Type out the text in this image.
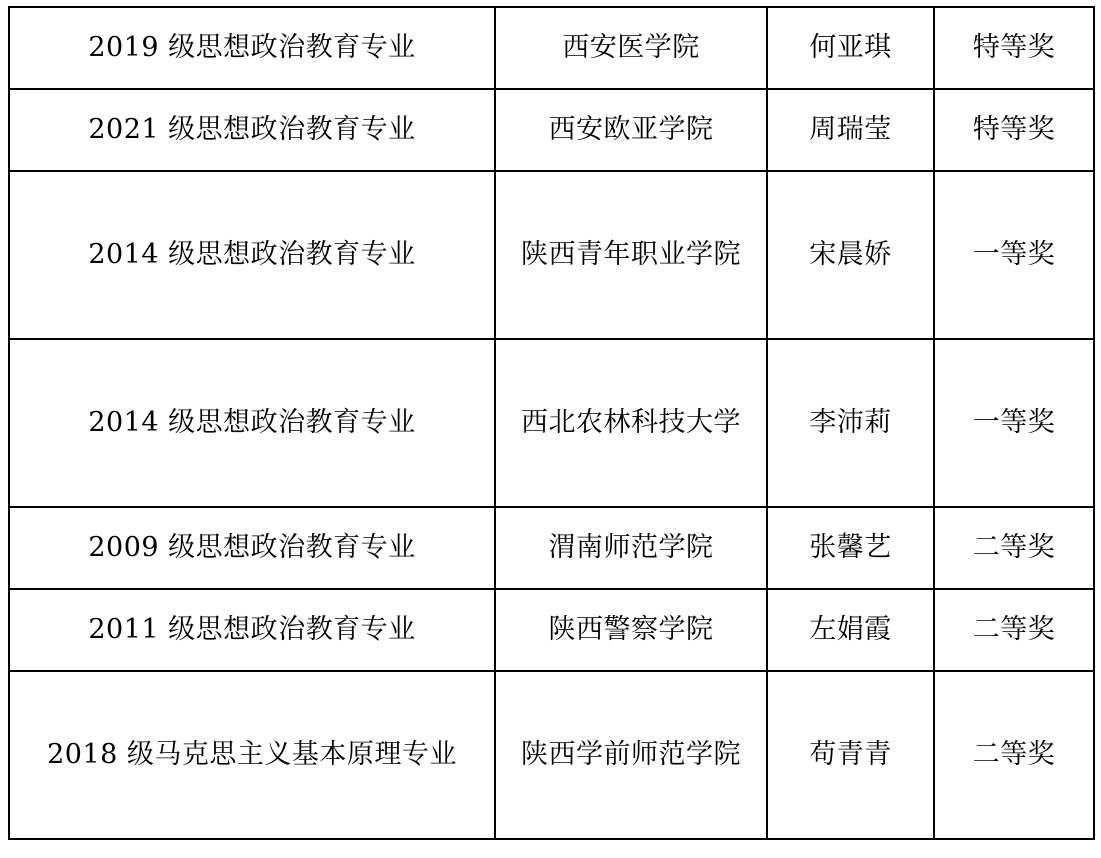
2019 级思想政治教育专业	西安医学院	何亚琪	特等奖

2021 级思想政治教育专业	西安欧亚学院	周瑞莹	特等奖

2014 级思想政治教育专业	陕西青年职业学院	宋晨娇	一等奖

2014 级思想政治教育专业	西北农林科技大学	李沛莉	一等奖

2009 级思想政治教育专业	渭南师范学院	张馨艺	二等奖

2011 级思想政治教育专业	陕西警察学院	左娟霞	二等奖

2018 级马克思主义基本原理专业	陕西学前师范学院	苟青青	二等奖
